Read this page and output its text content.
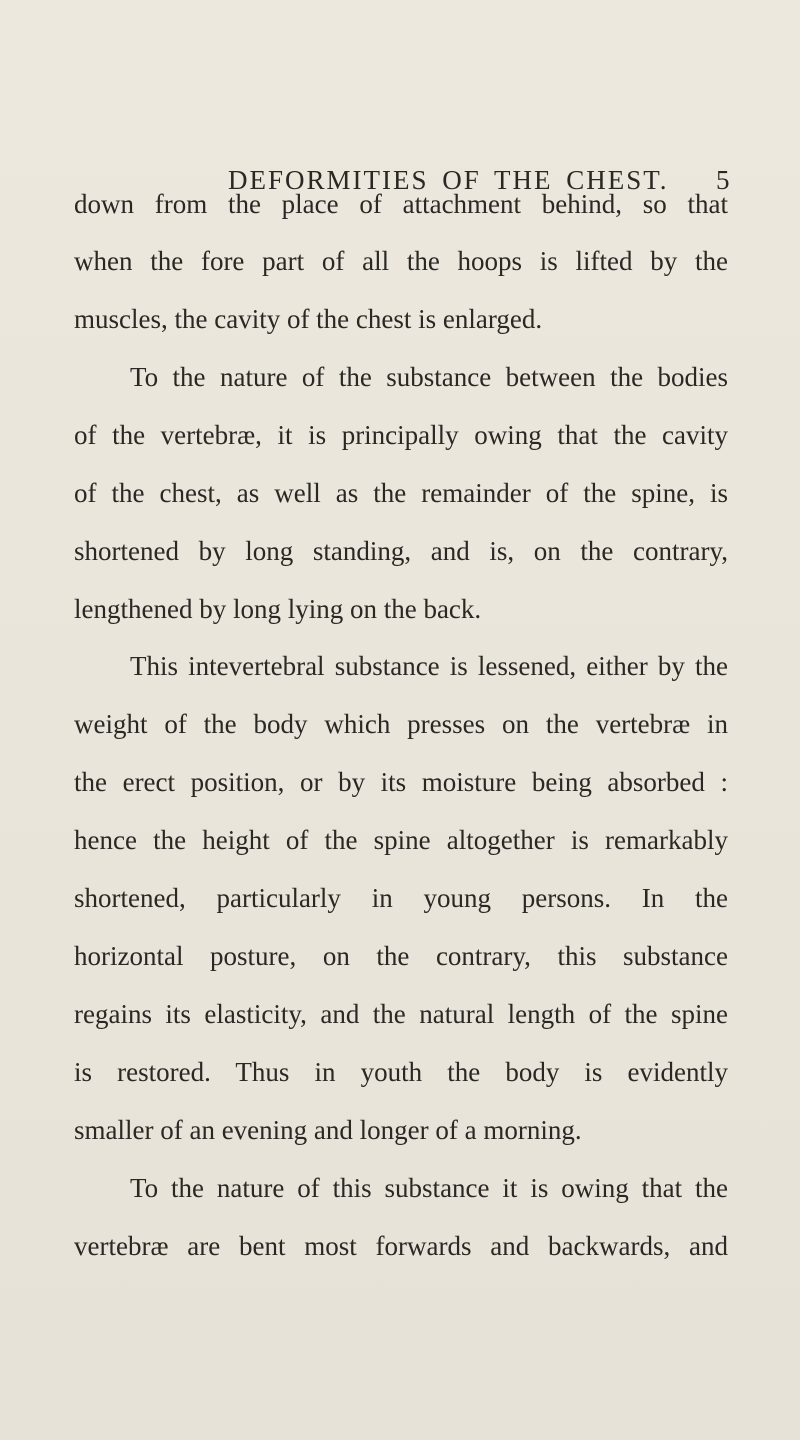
DEFORMITIES OF THE CHEST. 5
down from the place of attachment behind, so that
when the fore part of all the hoops is lifted by the
muscles, the cavity of the chest is enlarged.
To the nature of the substance between the bodies
of the vertebræ, it is principally owing that the cavity
of the chest, as well as the remainder of the spine, is
shortened by long standing, and is, on the contrary,
lengthened by long lying on the back.
This intevertebral substance is lessened, either by the
weight of the body which presses on the vertebræ in
the erect position, or by its moisture being absorbed :
hence the height of the spine altogether is remarkably
shortened, particularly in young persons. In the
horizontal posture, on the contrary, this substance
regains its elasticity, and the natural length of the spine
is restored. Thus in youth the body is evidently
smaller of an evening and longer of a morning.
To the nature of this substance it is owing that the
vertebræ are bent most forwards and backwards, and
